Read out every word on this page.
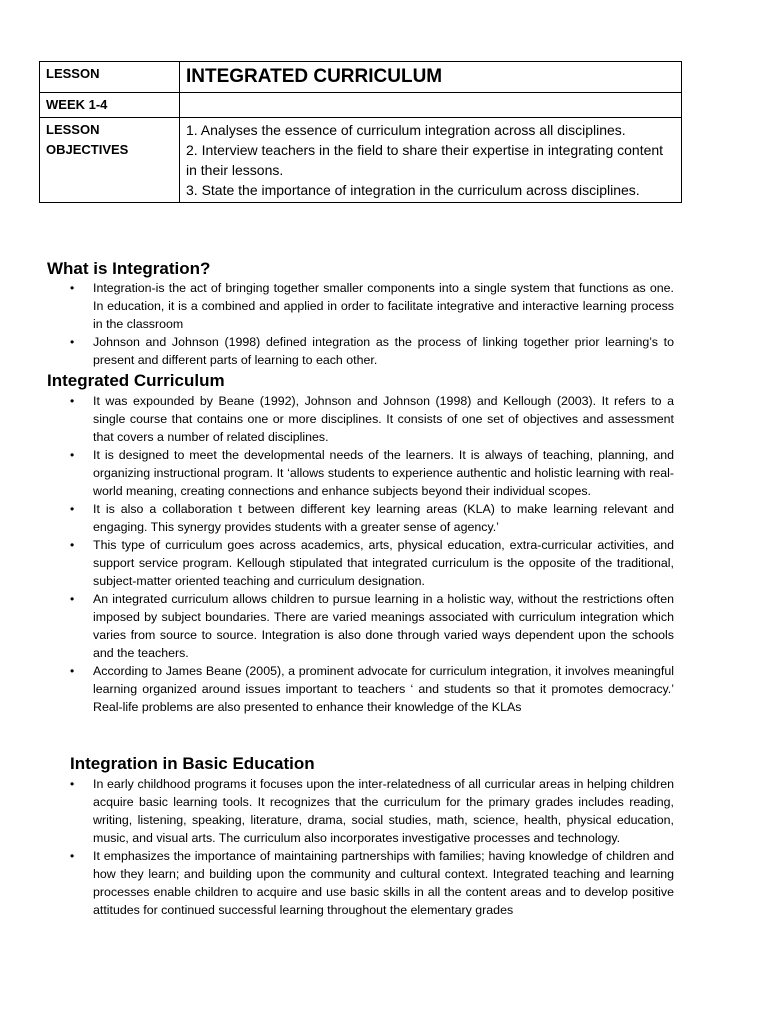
LESSON	INTEGRATED CURRICULUM
WEEK 1-4	
LESSON OBJECTIVES	1. Analyses the essence of curriculum integration across all disciplines.

2. Interview teachers in the field to share their expertise in integrating content in their lessons.

3. State the importance of integration in the curriculum across disciplines.

What is Integration?
• Integration-is the act of bringing together smaller components into a single system that functions as one. In education, it is a combined and applied in order to facilitate integrative and interactive learning process in the classroom
• Johnson and Johnson (1998) defined integration as the process of linking together prior learning’s to present and different parts of learning to each other.
Integrated Curriculum
• It was expounded by Beane (1992), Johnson and Johnson (1998) and Kellough (2003). It refers to a single course that contains one or more disciplines. It consists of one set of objectives and assessment that covers a number of related disciplines.
• It is designed to meet the developmental needs of the learners. It is always of teaching, planning, and organizing instructional program. It ‘allows students to experience authentic and holistic learning with real-world meaning, creating connections and enhance subjects beyond their individual scopes.
• It is also a collaboration t between different key learning areas (KLA) to make learning relevant and engaging. This synergy provides students with a greater sense of agency.’
• This type of curriculum goes across academics, arts, physical education, extra-curricular activities, and support service program. Kellough stipulated that integrated curriculum is the opposite of the traditional, subject-matter oriented teaching and curriculum designation.
• An integrated curriculum allows children to pursue learning in a holistic way, without the restrictions often imposed by subject boundaries. There are varied meanings associated with curriculum integration which varies from source to source. Integration is also done through varied ways dependent upon the schools and the teachers.
• According to James Beane (2005), a prominent advocate for curriculum integration, it involves meaningful learning organized around issues important to teachers ‘ and students so that it promotes democracy.’ Real-life problems are also presented to enhance their knowledge of the KLAs
Integration in Basic Education
• In early childhood programs it focuses upon the inter-relatedness of all curricular areas in helping children acquire basic learning tools. It recognizes that the curriculum for the primary grades includes reading, writing, listening, speaking, literature, drama, social studies, math, science, health, physical education, music, and visual arts. The curriculum also incorporates investigative processes and technology.
• It emphasizes the importance of maintaining partnerships with families; having knowledge of children and how they learn; and building upon the community and cultural context. Integrated teaching and learning processes enable children to acquire and use basic skills in all the content areas and to develop positive attitudes for continued successful learning throughout the elementary grades
